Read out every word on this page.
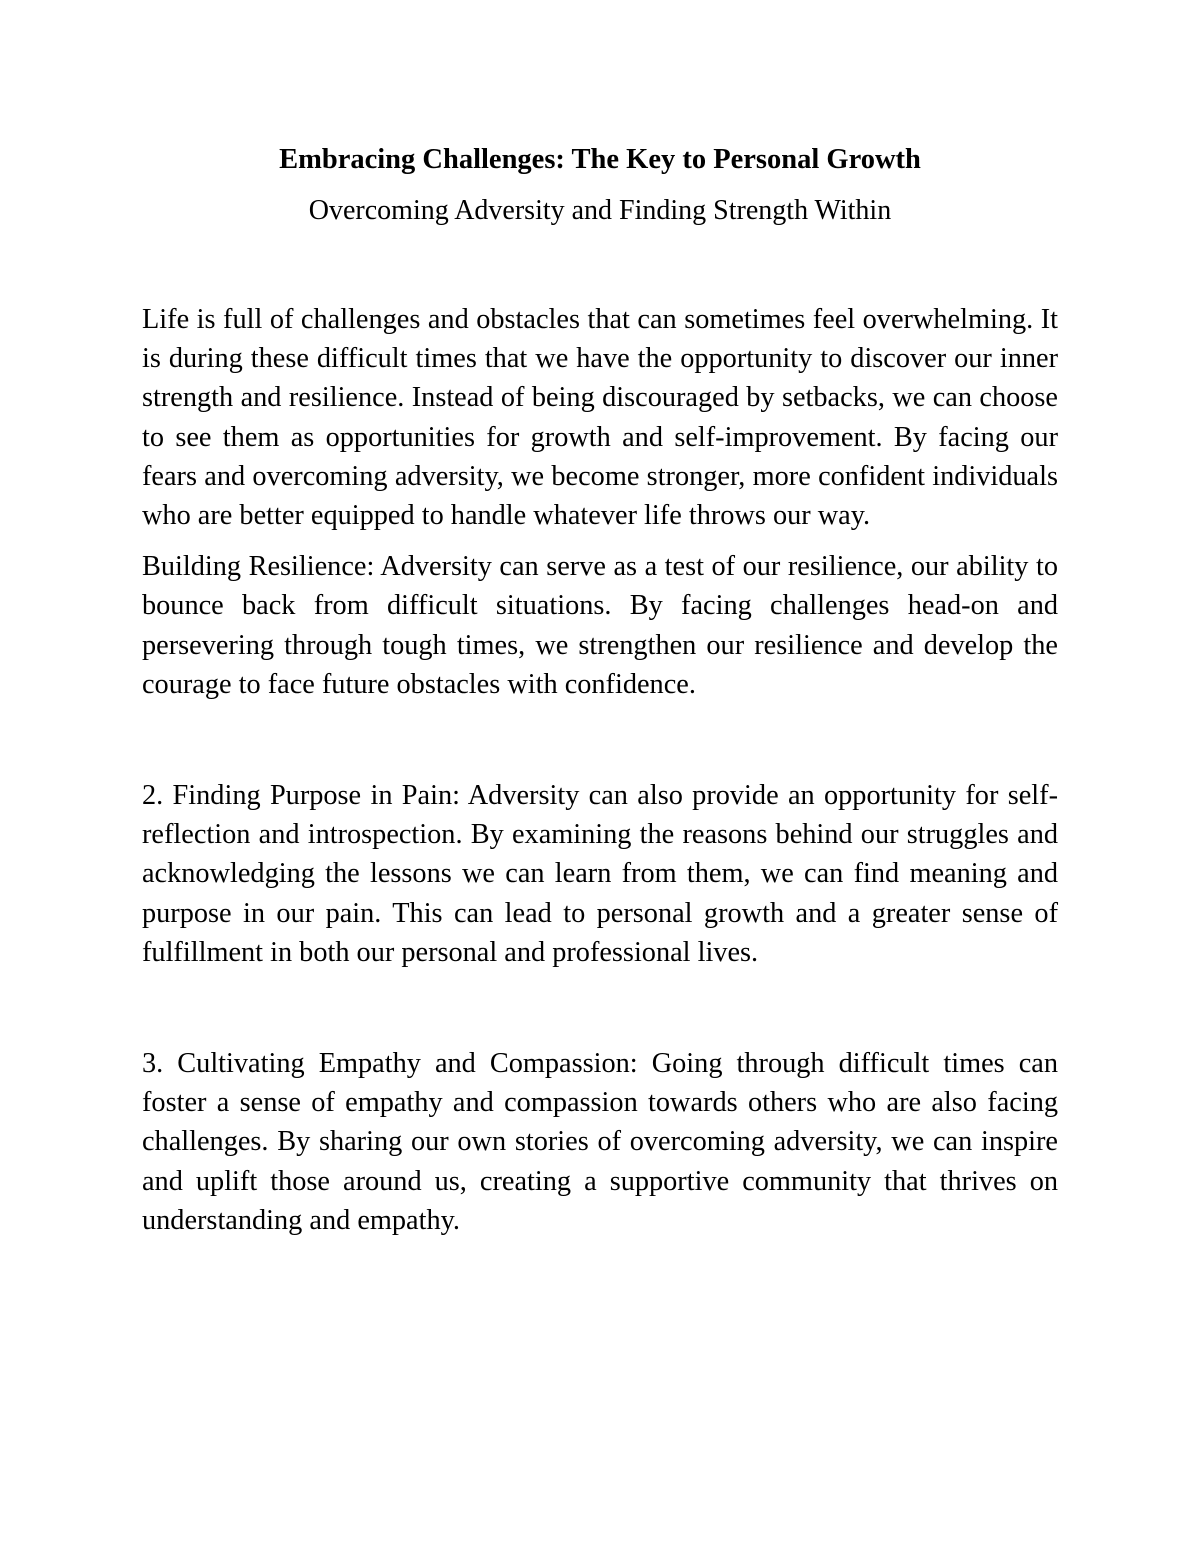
Embracing Challenges: The Key to Personal Growth

Overcoming Adversity and Finding Strength Within

Life is full of challenges and obstacles that can sometimes feel overwhelming. It is during these difficult times that we have the opportunity to discover our inner strength and resilience. Instead of being discouraged by setbacks, we can choose to see them as opportunities for growth and self-improvement. By facing our fears and overcoming adversity, we become stronger, more confident individuals who are better equipped to handle whatever life throws our way.

Building Resilience: Adversity can serve as a test of our resilience, our ability to bounce back from difficult situations. By facing challenges head-on and persevering through tough times, we strengthen our resilience and develop the courage to face future obstacles with confidence.

2. Finding Purpose in Pain: Adversity can also provide an opportunity for self-reflection and introspection. By examining the reasons behind our struggles and acknowledging the lessons we can learn from them, we can find meaning and purpose in our pain. This can lead to personal growth and a greater sense of fulfillment in both our personal and professional lives.

3. Cultivating Empathy and Compassion: Going through difficult times can foster a sense of empathy and compassion towards others who are also facing challenges. By sharing our own stories of overcoming adversity, we can inspire and uplift those around us, creating a supportive community that thrives on understanding and empathy.
